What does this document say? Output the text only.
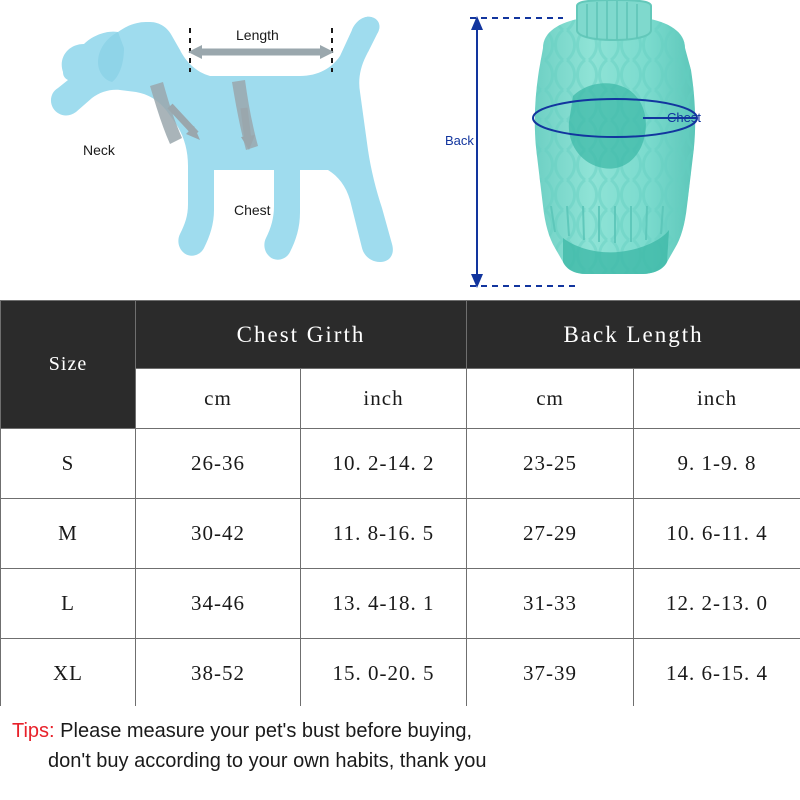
Length
Neck
Chest
Back
Chest
Size	Chest Girth		Back Length	
	cm	inch	cm	inch
S	26-36	10. 2-14. 2	23-25	9. 1-9. 8
M	30-42	11. 8-16. 5	27-29	10. 6-11. 4
L	34-46	13. 4-18. 1	31-33	12. 2-13. 0
XL	38-52	15. 0-20. 5	37-39	14. 6-15. 4
Tips: Please measure your pet's bust before buying,
don't buy according to your own habits, thank you
